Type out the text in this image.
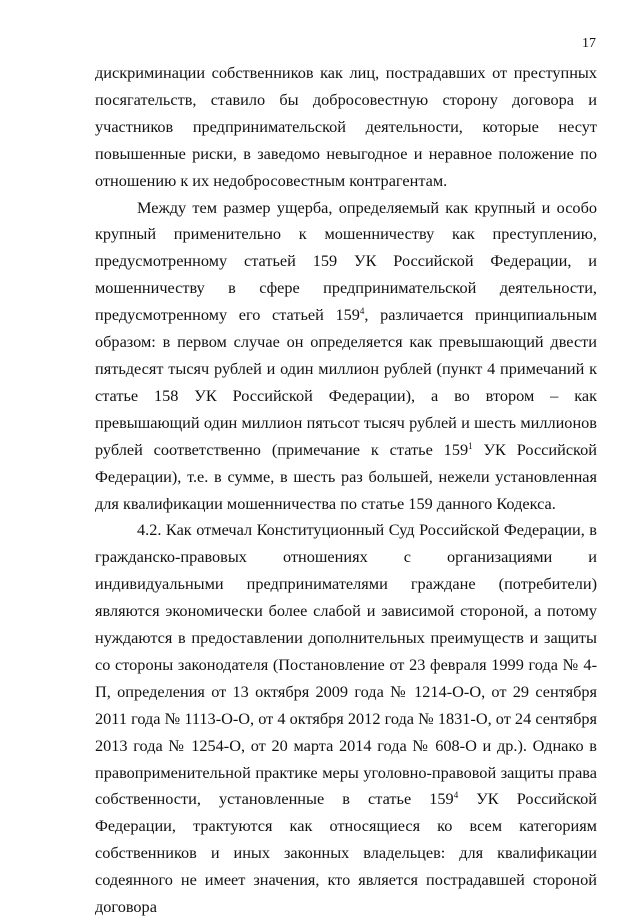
17

дискриминации собственников как лиц, пострадавших от преступных посягательств, ставило бы добросовестную сторону договора и участников предпринимательской деятельности, которые несут повышенные риски, в заведомо невыгодное и неравное положение по отношению к их недобросовестным контрагентам.

Между тем размер ущерба, определяемый как крупный и особо крупный применительно к мошенничеству как преступлению, предусмотренному статьей 159 УК Российской Федерации, и мошенничеству в сфере предпринимательской деятельности, предусмотренному его статьей $159^4$, различается принципиальным образом: в первом случае он определяется как превышающий двести пятьдесят тысяч рублей и один миллион рублей (пункт 4 примечаний к статье 158 УК Российской Федерации), а во втором – как превышающий один миллион пятьсот тысяч рублей и шесть миллионов рублей соответственно (примечание к статье $159^1$ УК Российской Федерации), т.е. в сумме, в шесть раз большей, нежели установленная для квалификации мошенничества по статье 159 данного Кодекса.

4.2. Как отмечал Конституционный Суд Российской Федерации, в гражданско-правовых отношениях с организациями и индивидуальными предпринимателями граждане (потребители) являются экономически более слабой и зависимой стороной, а потому нуждаются в предоставлении дополнительных преимуществ и защиты со стороны законодателя (Постановление от 23 февраля 1999 года № 4-П, определения от 13 октября 2009 года № 1214-О-О, от 29 сентября 2011 года № 1113-О-О, от 4 октября 2012 года № 1831-О, от 24 сентября 2013 года № 1254-О, от 20 марта 2014 года № 608-О и др.). Однако в правоприменительной практике меры уголовно-правовой защиты права собственности, установленные в статье $159^4$ УК Российской Федерации, трактуются как относящиеся ко всем категориям собственников и иных законных владельцев: для квалификации содеянного не имеет значения, кто является пострадавшей стороной договора
